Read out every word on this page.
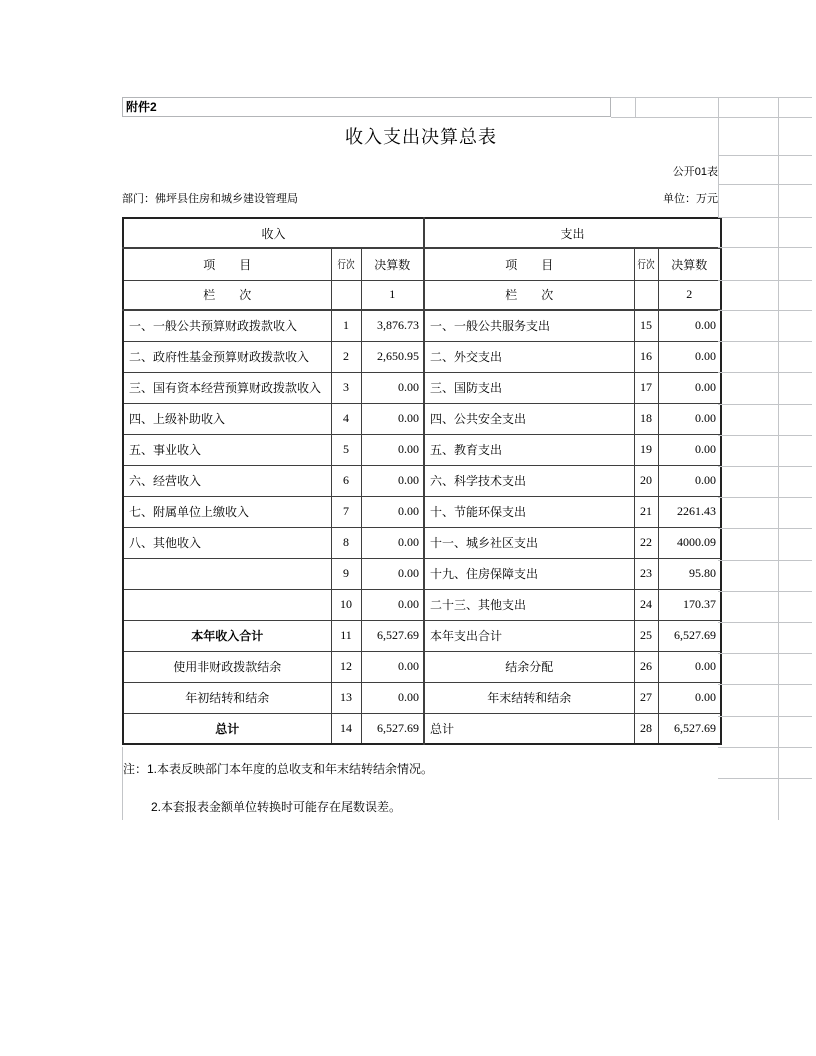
附件2
收入支出决算总表
公开01表
部门：佛坪县住房和城乡建设管理局	单位：万元
收入			支出		
项　　目	行次	决算数	项　　目	行次	决算数
栏　　次		1	栏　　次		2
一、一般公共预算财政拨款收入	1	3,876.73	一、一般公共服务支出	15	0.00
二、政府性基金预算财政拨款收入	2	2,650.95	二、外交支出	16	0.00
三、国有资本经营预算财政拨款收入	3	0.00	三、国防支出	17	0.00
四、上级补助收入	4	0.00	四、公共安全支出	18	0.00
五、事业收入	5	0.00	五、教育支出	19	0.00
六、经营收入	6	0.00	六、科学技术支出	20	0.00
七、附属单位上缴收入	7	0.00	十、节能环保支出	21	2261.43
八、其他收入	8	0.00	十一、城乡社区支出	22	4000.09
	9	0.00	十九、住房保障支出	23	95.80
	10	0.00	二十三、其他支出	24	170.37
本年收入合计	11	6,527.69	本年支出合计	25	6,527.69
使用非财政拨款结余	12	0.00	结余分配	26	0.00
年初结转和结余	13	0.00	年末结转和结余	27	0.00
总计	14	6,527.69	总计	28	6,527.69
注：1.本表反映部门本年度的总收支和年末结转结余情况。
2.本套报表金额单位转换时可能存在尾数误差。
